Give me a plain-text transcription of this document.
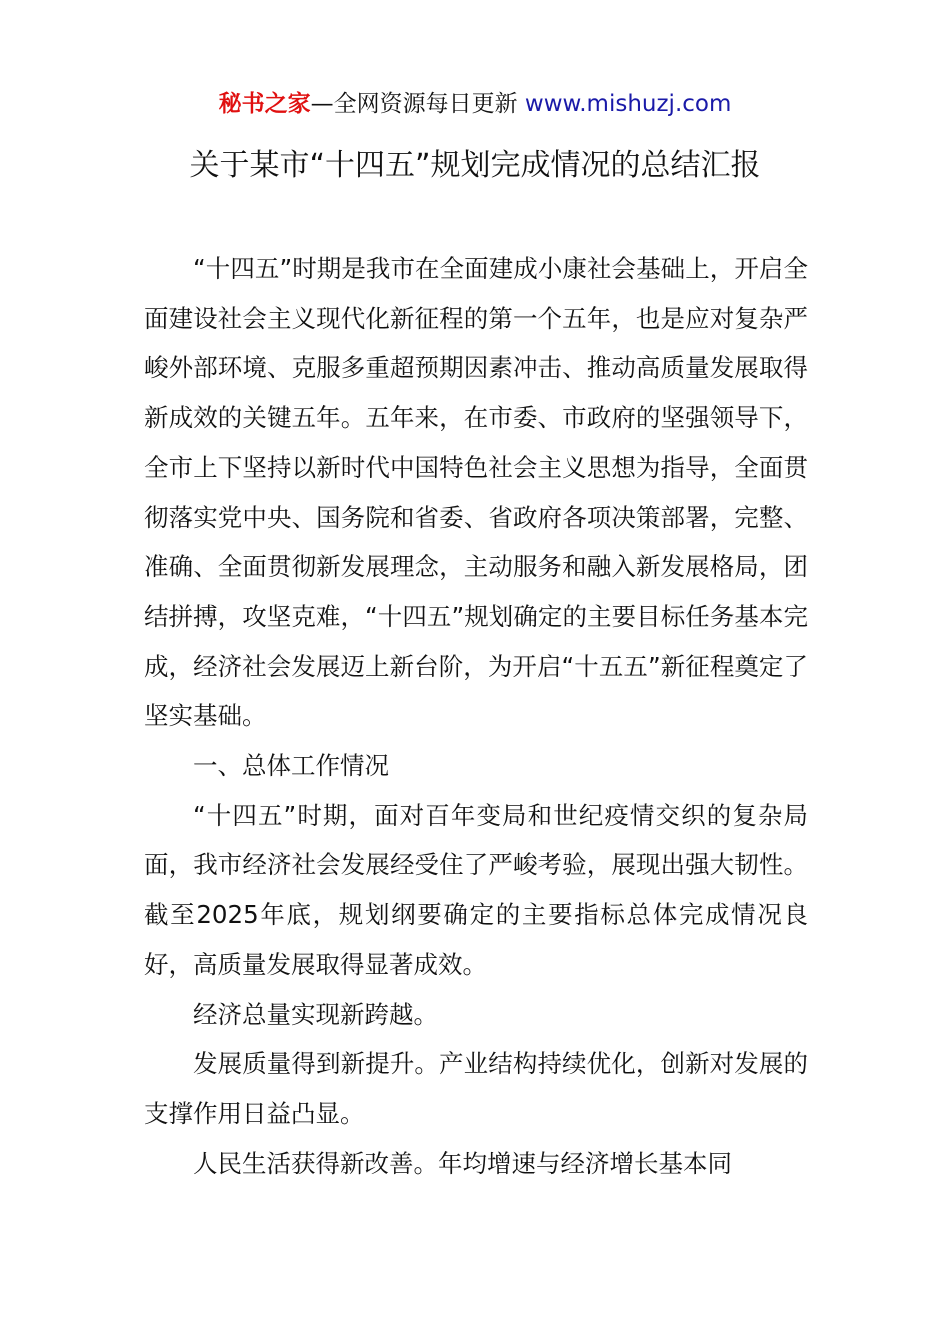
秘书之家—全网资源每日更新 www.mishuzj.com
关于某市“十四五”规划完成情况的总结汇报

“十四五”时期是我市在全面建成小康社会基础上，开启全面建设社会主义现代化新征程的第一个五年，也是应对复杂严峻外部环境、克服多重超预期因素冲击、推动高质量发展取得新成效的关键五年。五年来，在市委、市政府的坚强领导下，全市上下坚持以新时代中国特色社会主义思想为指导，全面贯彻落实党中央、国务院和省委、省政府各项决策部署，完整、准确、全面贯彻新发展理念，主动服务和融入新发展格局，团结拼搏，攻坚克难，“十四五”规划确定的主要目标任务基本完成，经济社会发展迈上新台阶，为开启“十五五”新征程奠定了坚实基础。

一、总体工作情况

“十四五”时期，面对百年变局和世纪疫情交织的复杂局面，我市经济社会发展经受住了严峻考验，展现出强大韧性。截至2025年底，规划纲要确定的主要指标总体完成情况良好，高质量发展取得显著成效。

经济总量实现新跨越。

发展质量得到新提升。产业结构持续优化，创新对发展的支撑作用日益凸显。

人民生活获得新改善。年均增速与经济增长基本同
